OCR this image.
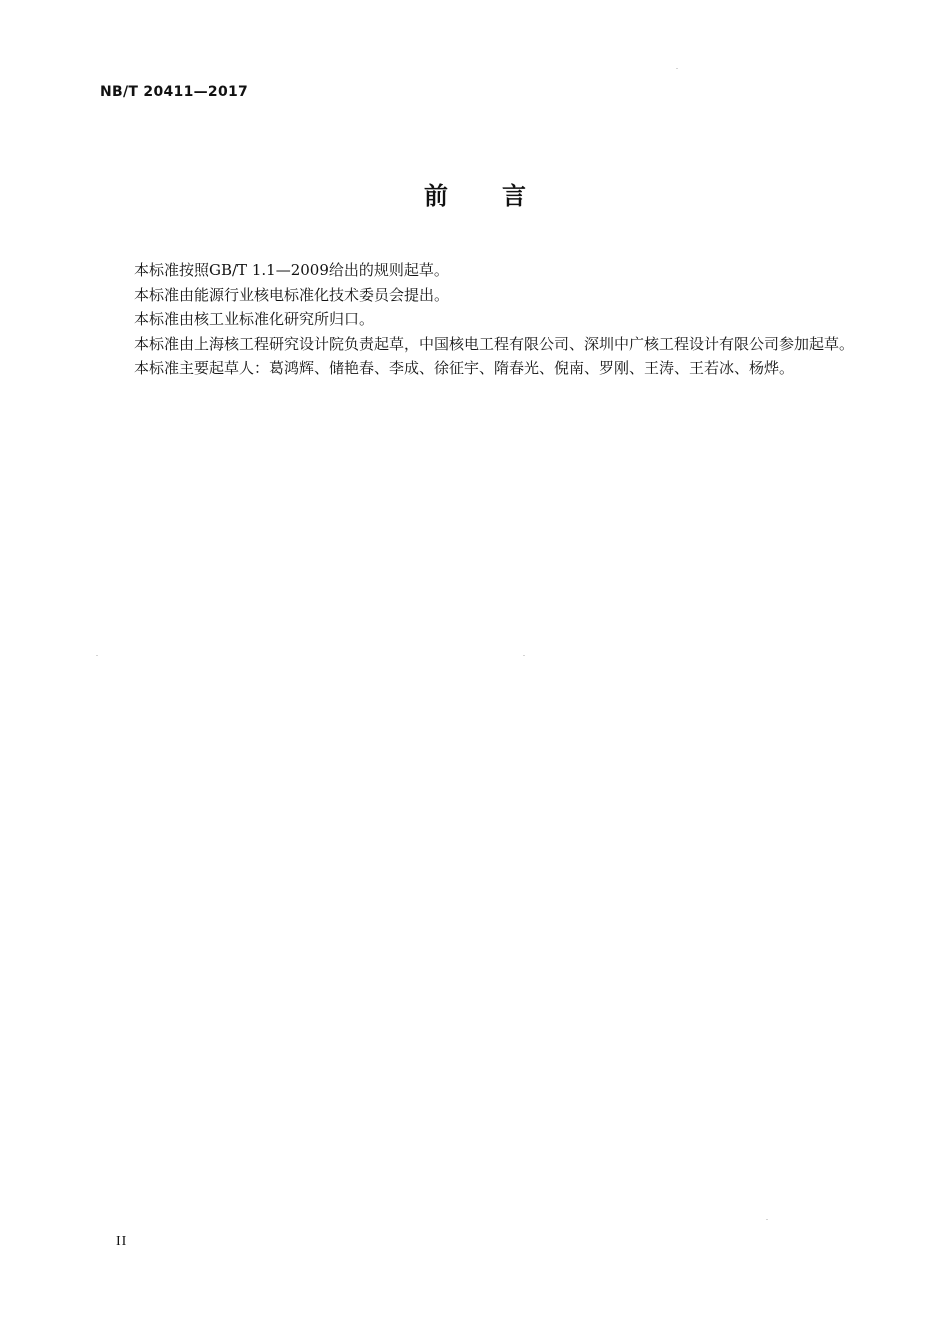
NB/T 20411—2017
前言

本标准按照GB/T 1.1—2009给出的规则起草。

本标准由能源行业核电标准化技术委员会提出。

本标准由核工业标准化研究所归口。

本标准由上海核工程研究设计院负责起草，中国核电工程有限公司、深圳中广核工程设计有限公司参加起草。

本标准主要起草人：葛鸿辉、储艳春、李成、徐征宇、隋春光、倪南、罗刚、王涛、王若冰、杨烨。

II
